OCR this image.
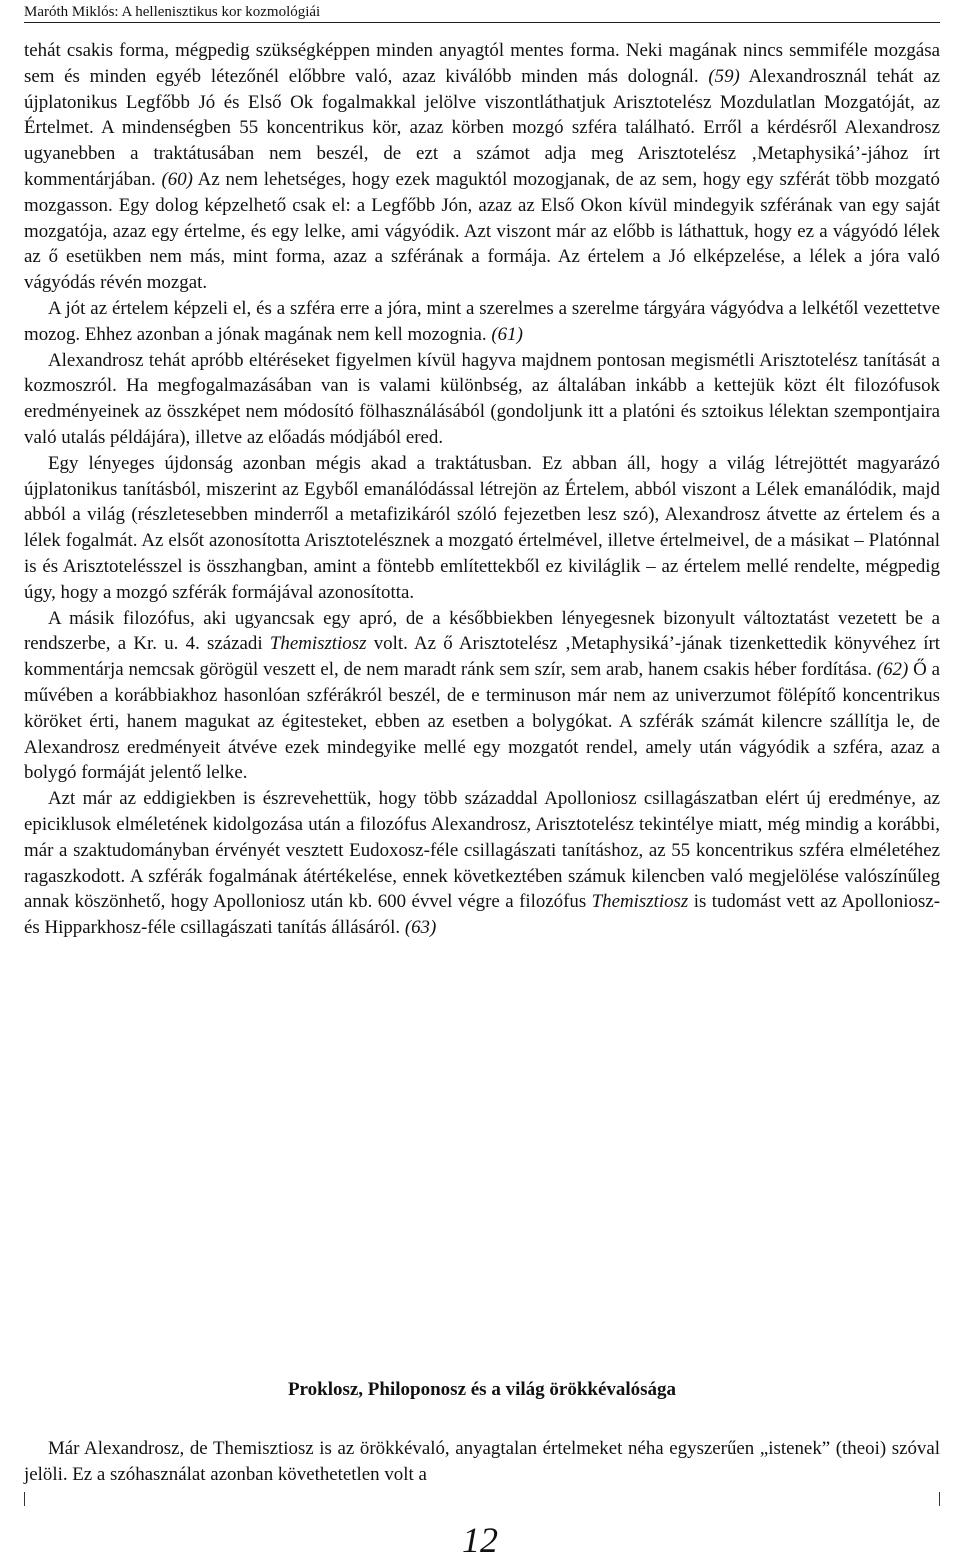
Maróth Miklós: A hellenisztikus kor kozmológiái

tehát csakis forma, mégpedig szükségképpen minden anyagtól mentes forma. Neki magának nincs semmiféle mozgása sem és minden egyéb létezőnél előbbre való, azaz kiválóbb minden más dolognál. (59) Alexandrosznál tehát az újplatonikus Legfőbb Jó és Első Ok fogalmakkal jelölve viszontláthatjuk Arisztotelész Mozdulatlan Mozgatóját, az Értelmet. A mindenségben 55 koncentrikus kör, azaz körben mozgó szféra található. Erről a kérdésről Alexandrosz ugyanebben a traktátusában nem beszél, de ezt a számot adja meg Arisztotelész ‚Metaphysiká’-jához írt kommentárjában. (60) Az nem lehetséges, hogy ezek maguktól mozogjanak, de az sem, hogy egy szférát több mozgató mozgasson. Egy dolog képzelhető csak el: a Legfőbb Jón, azaz az Első Okon kívül mindegyik szférának van egy saját mozgatója, azaz egy értelme, és egy lelke, ami vágyódik. Azt viszont már az előbb is láthattuk, hogy ez a vágyódó lélek az ő esetükben nem más, mint forma, azaz a szférának a formája. Az értelem a Jó elképzelése, a lélek a jóra való vágyódás révén mozgat.

A jót az értelem képzeli el, és a szféra erre a jóra, mint a szerelmes a szerelme tárgyára vágyódva a lelkétől vezettetve mozog. Ehhez azonban a jónak magának nem kell mozognia. (61)

Alexandrosz tehát apróbb eltéréseket figyelmen kívül hagyva majdnem pontosan megismétli Arisztotelész tanítását a kozmoszról. Ha megfogalmazásában van is valami különbség, az általában inkább a kettejük közt élt filozófusok eredményeinek az összképet nem módosító fölhasználásából (gondoljunk itt a platóni és sztoikus lélektan szempontjaira való utalás példájára), illetve az előadás módjából ered.

Egy lényeges újdonság azonban mégis akad a traktátusban. Ez abban áll, hogy a világ létrejöttét magyarázó újplatonikus tanításból, miszerint az Egyből emanálódással létrejön az Értelem, abból viszont a Lélek emanálódik, majd abból a világ (részletesebben minderről a metafizikáról szóló fejezetben lesz szó), Alexandrosz átvette az értelem és a lélek fogalmát. Az elsőt azonosította Arisztotelésznek a mozgató értelmével, illetve értelmeivel, de a másikat – Platónnal is és Arisztotelésszel is összhangban, amint a föntebb említettekből ez kiviláglik – az értelem mellé rendelte, mégpedig úgy, hogy a mozgó szférák formájával azonosította.

A másik filozófus, aki ugyancsak egy apró, de a későbbiekben lényegesnek bizonyult változtatást vezetett be a rendszerbe, a Kr. u. 4. századi Themisztiosz volt. Az ő Arisztotelész ‚Metaphysiká’-jának tizenkettedik könyvéhez írt kommentárja nemcsak görögül veszett el, de nem maradt ránk sem szír, sem arab, hanem csakis héber fordítása. (62) Ő a művében a korábbiakhoz hasonlóan szférákról beszél, de e terminuson már nem az univerzumot fölépítő koncentrikus köröket érti, hanem magukat az égitesteket, ebben az esetben a bolygókat. A szférák számát kilencre szállítja le, de Alexandrosz eredményeit átvéve ezek mindegyike mellé egy mozgatót rendel, amely után vágyódik a szféra, azaz a bolygó formáját jelentő lelke.

Azt már az eddigiekben is észrevehettük, hogy több századdal Apolloniosz csillagászatban elért új eredménye, az epiciklusok elméletének kidolgozása után a filozófus Alexandrosz, Arisztotelész tekintélye miatt, még mindig a korábbi, már a szaktudományban érvényét vesztett Eudoxosz-féle csillagászati tanításhoz, az 55 koncentrikus szféra elméletéhez ragaszkodott. A szférák fogalmának átértékelése, ennek következtében számuk kilencben való megjelölése valószínűleg annak köszönhető, hogy Apolloniosz után kb. 600 évvel végre a filozófus Themisztiosz is tudomást vett az Apolloniosz- és Hipparkhosz-féle csillagászati tanítás állásáról. (63)

Proklosz, Philoponosz és a világ örökkévalósága

Már Alexandrosz, de Themisztiosz is az örökkévaló, anyagtalan értelmeket néha egyszerűen „istenek” (theoi) szóval jelöli. Ez a szóhasználat azonban követhetetlen volt a

12
